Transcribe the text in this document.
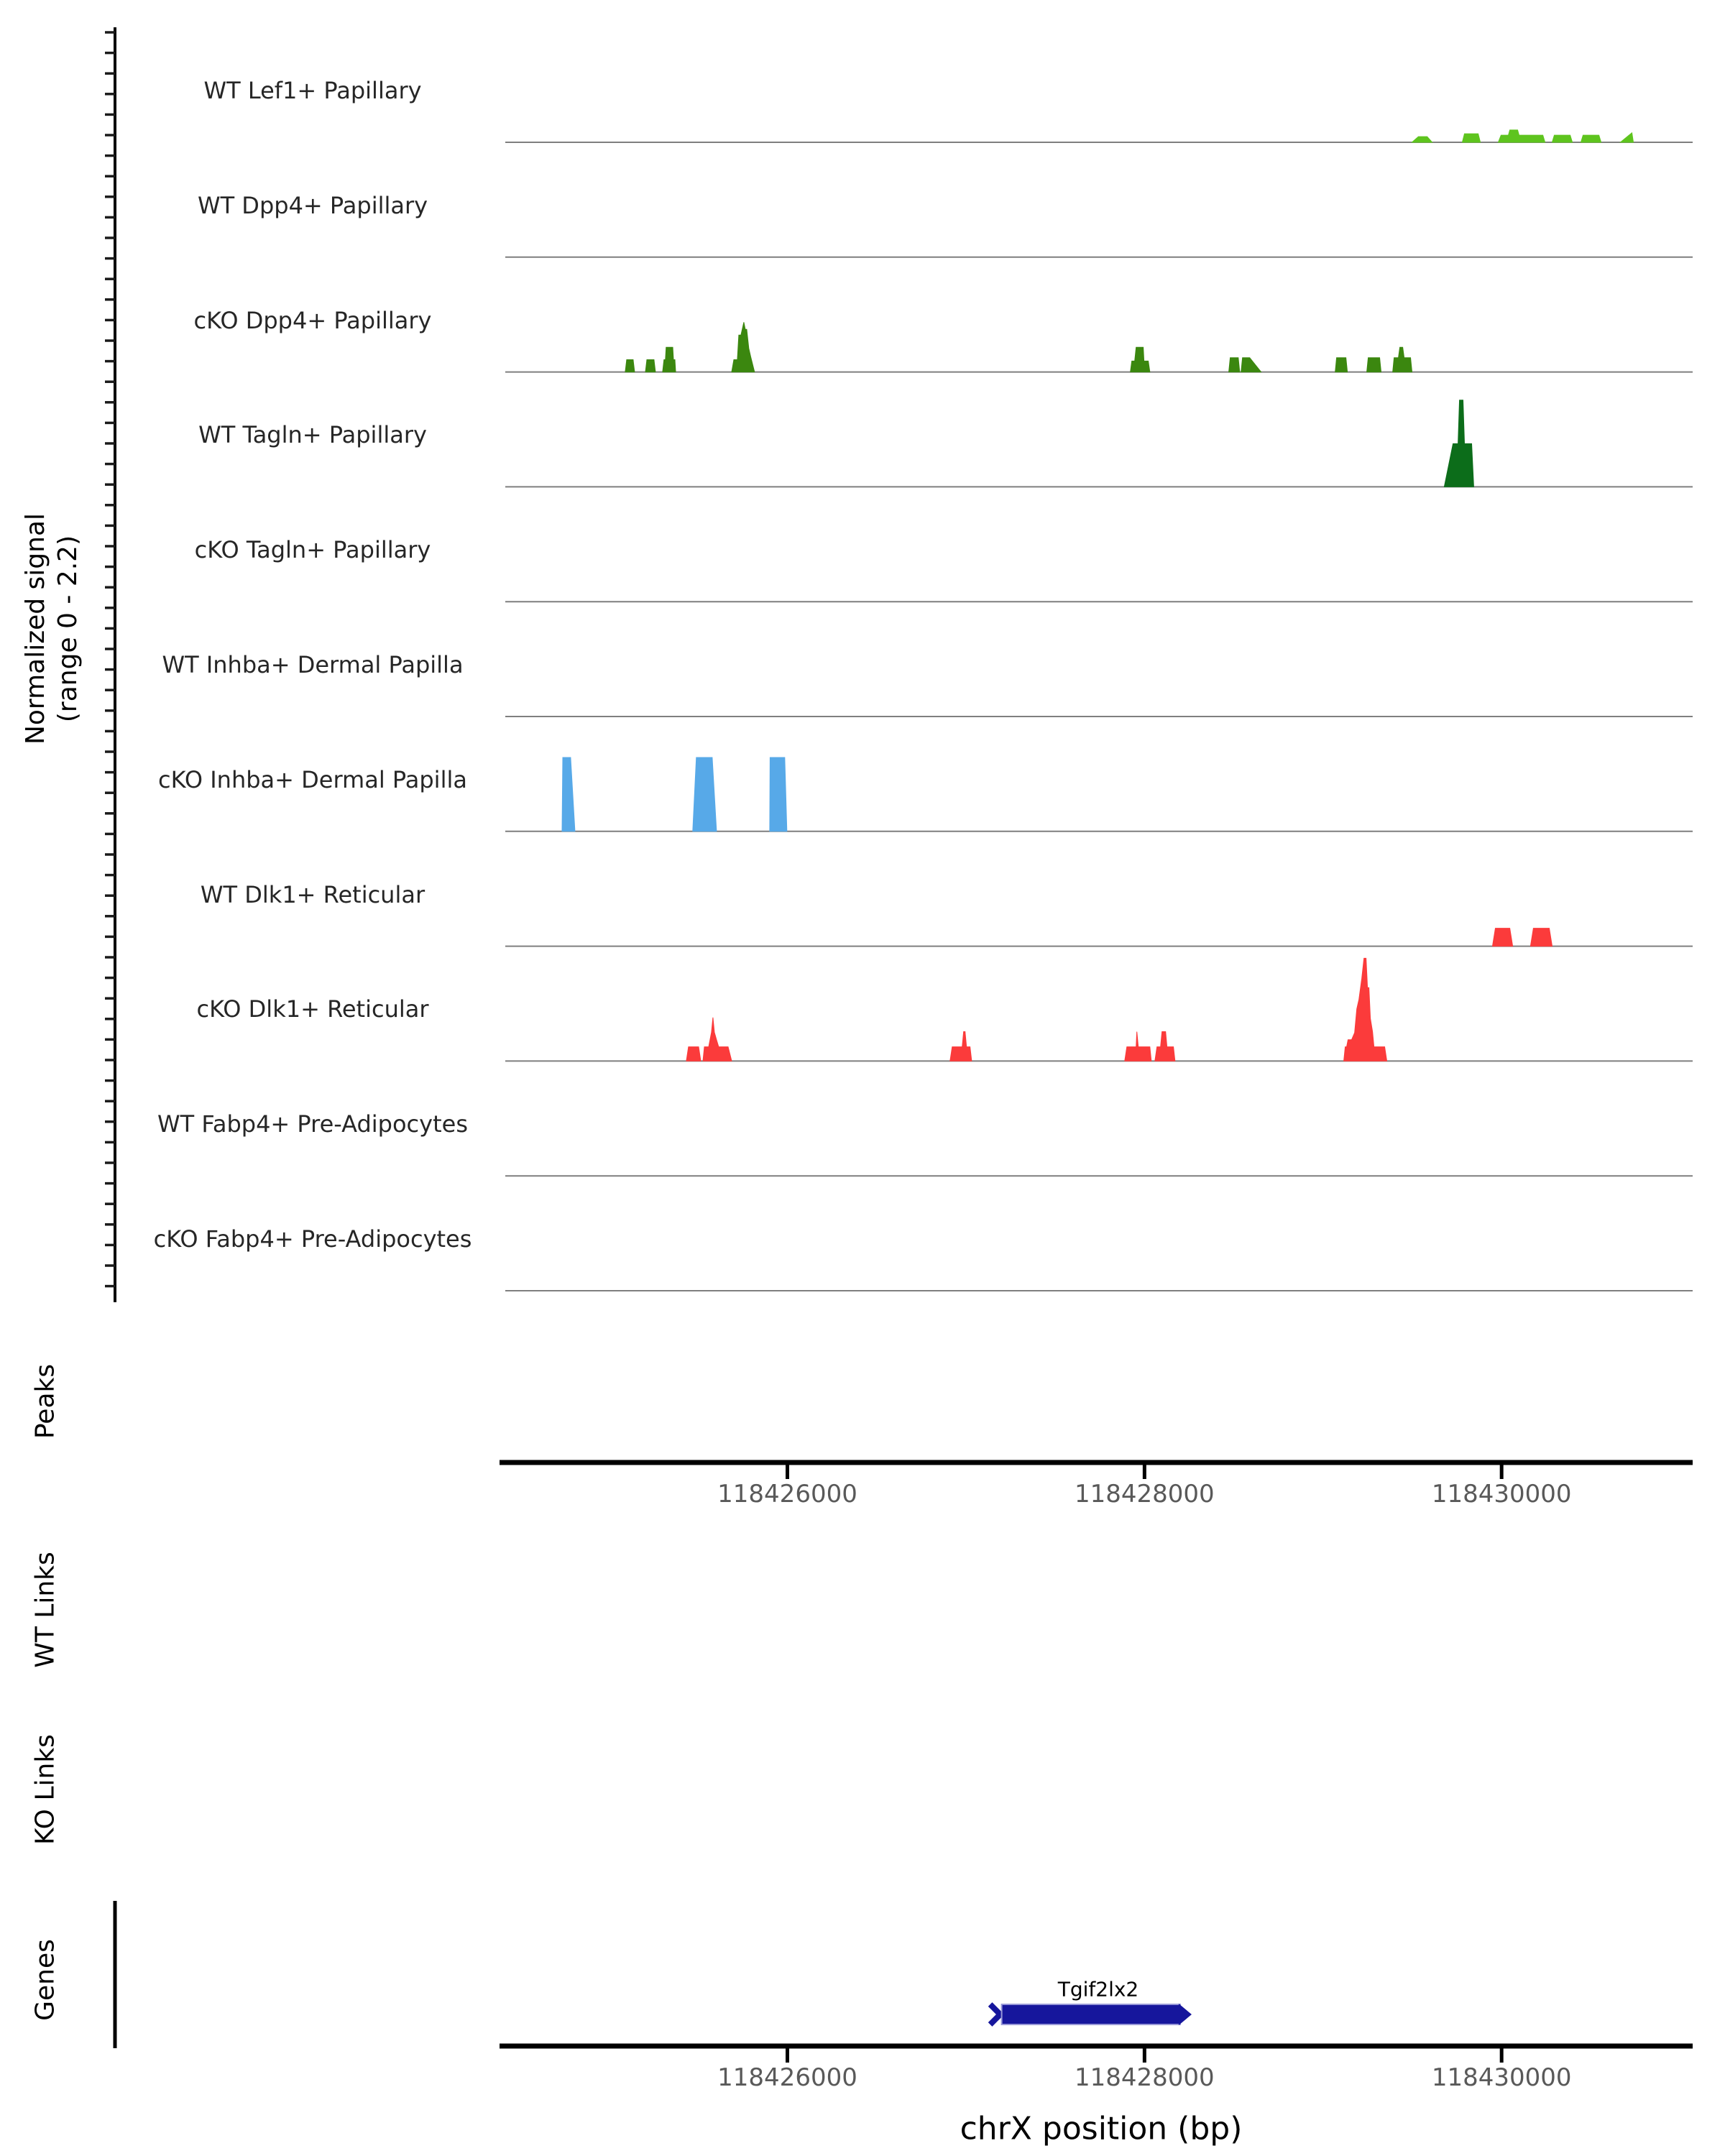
118426000	118428000	118430000
118426000	118428000	118430000
Normalized signal (range 0 - 2.2)
Peaks
WT Links
KO Links
Genes	Tgif2lx2
chrX position (bp)
WT Lef1+ Papillary
WT Dpp4+ Papillary
cKO Dpp4+ Papillary
WT Tagln+ Papillary
cKO Tagln+ Papillary
WT Inhba+ Dermal Papilla
cKO Inhba+ Dermal Papilla
WT Dlk1+ Reticular
cKO Dlk1+ Reticular
WT Fabp4+ Pre-Adipocytes
cKO Fabp4+ Pre-Adipocytes
